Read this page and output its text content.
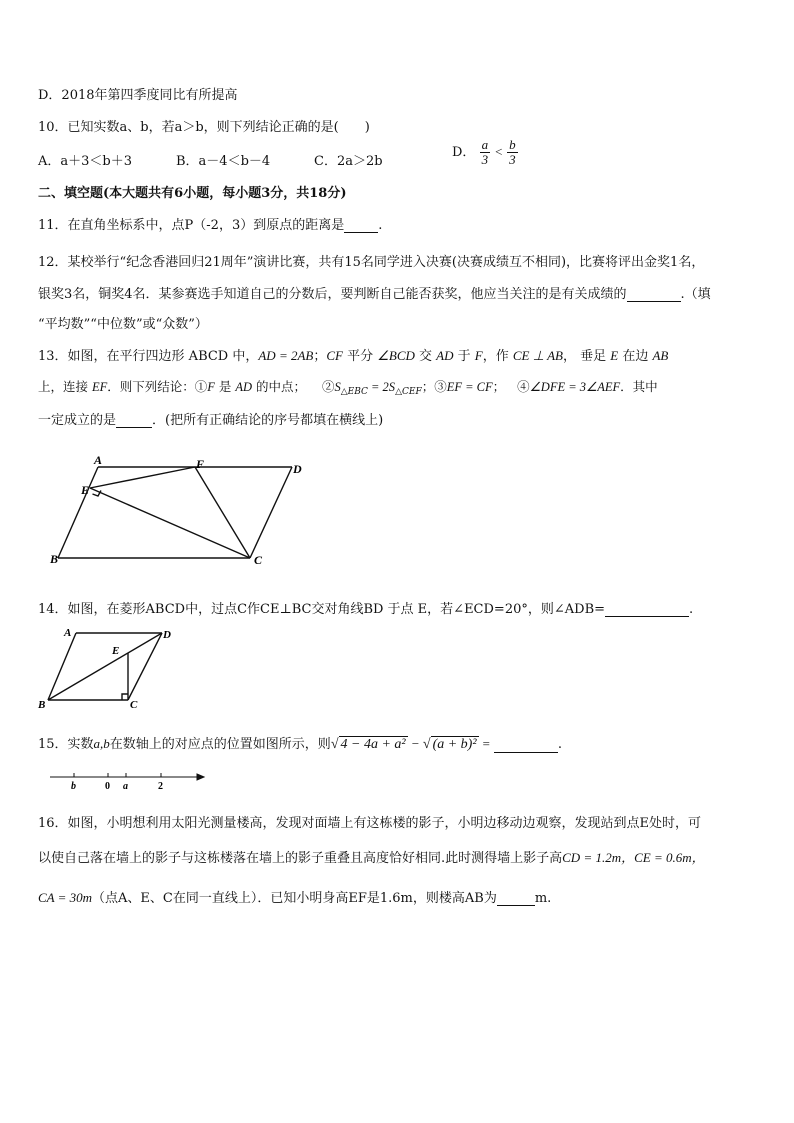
D．2018年第四季度同比有所提高
10．已知实数a、b，若a＞b，则下列结论正确的是(　　)
A．a＋3＜b＋3	B．a－4＜b－4	C．2a＞2b
D． $\frac{a}{3} < \frac{b}{3}$
二、填空题(本大题共有6小题，每小题3分，共18分)
11．在直角坐标系中，点P（-2，3）到原点的距离是	.
12．某校举行“纪念香港回归21周年”演讲比赛，共有15名同学进入决赛(决赛成绩互不相同)，比赛将评出金奖1名，
银奖3名，铜奖4名．某参赛选手知道自己的分数后，要判断自己能否获奖，他应当关注的是有关成绩的	.（填
“平均数”“中位数”或“众数”）
13．如图，在平行四边形 ABCD 中，AD = 2AB；CF 平分 ∠BCD 交 AD 于 F，作 CE ⊥ AB， 垂足 E 在边 AB
上，连接 EF．则下列结论：①F 是 AD 的中点； $②S_{\triangle EBC} = 2S_{\triangle CEF}$；③EF = CF； ④∠DFE = 3∠AEF．其中
一定成立的是	．(把所有正确结论的序号都填在横线上)
A	F	D
E
B	C
14．如图，在菱形ABCD中，过点C作CE⊥BC交对角线BD 于点 E，若∠ECD=20°，则∠ADB=	.
A	D
E
B	C
15．实数a,b在数轴上的对应点的位置如图所示，则√ 4 − 4a + a² − √ (a + b)² =	.
b	0 a	2
16．如图，小明想利用太阳光测量楼高，发现对面墙上有这栋楼的影子，小明边移动边观察，发现站到点E处时，可
以使自己落在墙上的影子与这栋楼落在墙上的影子重叠且高度恰好相同.此时测得墙上影子高CD = 1.2m，CE = 0.6m，
CA = 30m（点A、E、C在同一直线上）．已知小明身高EF是1.6m，则楼高AB为	m.
